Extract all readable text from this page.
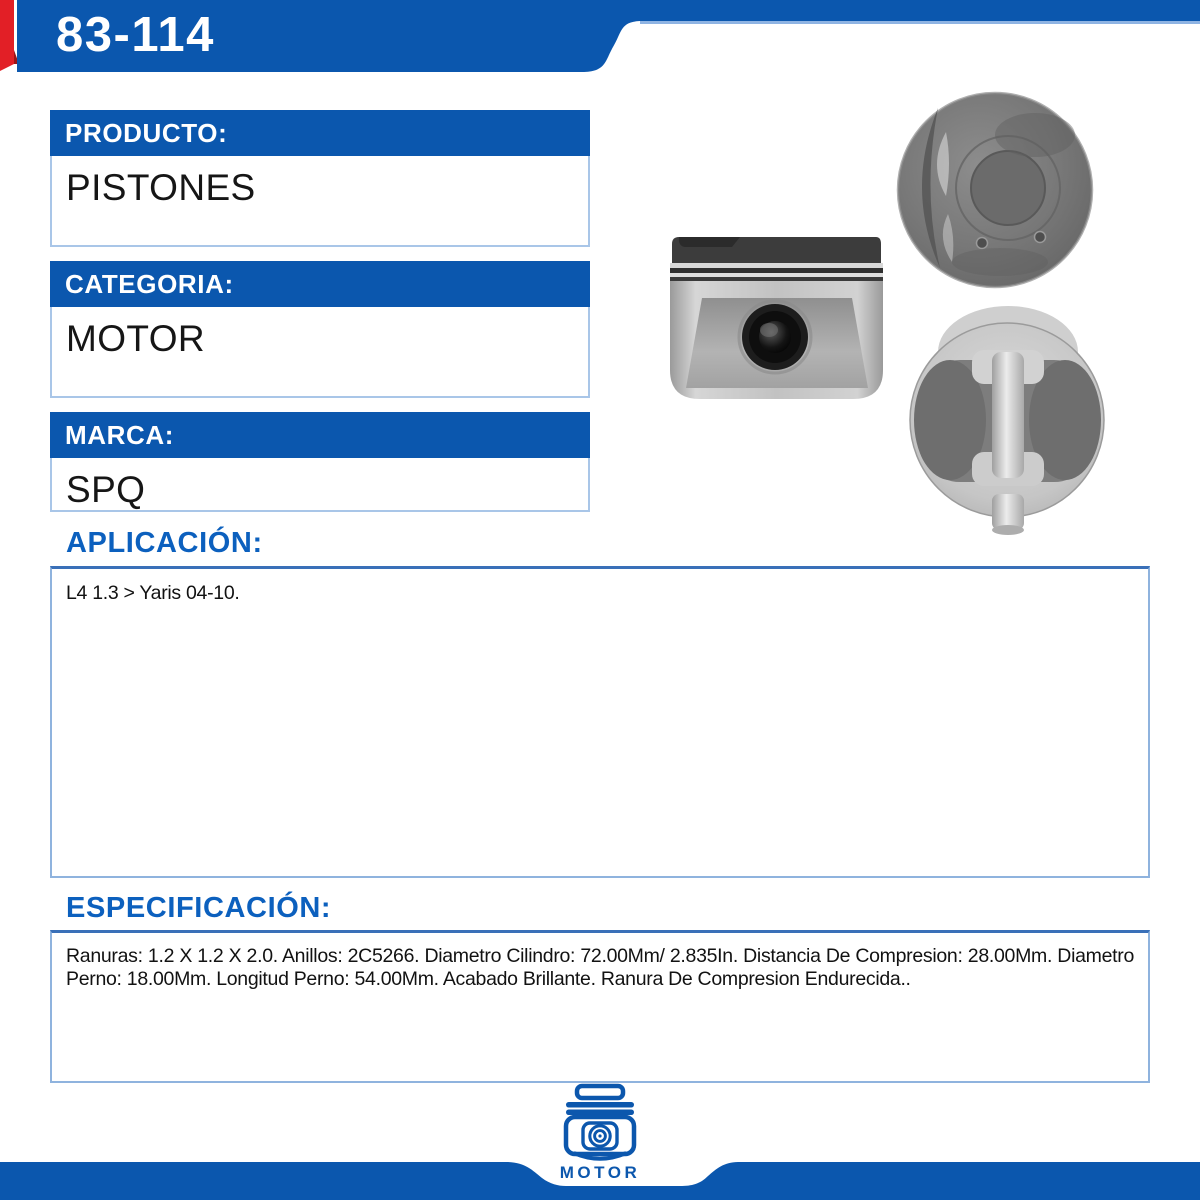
83-114
PRODUCTO:
PISTONES
CATEGORIA:
MOTOR
MARCA:
SPQ
APLICACIÓN:
L4 1.3 > Yaris 04-10.
ESPECIFICACIÓN:
Ranuras: 1.2 X 1.2 X 2.0. Anillos: 2C5266. Diametro Cilindro: 72.00Mm/ 2.835In. Distancia De Compresion: 28.00Mm. Diametro Perno: 18.00Mm. Longitud Perno: 54.00Mm. Acabado Brillante. Ranura De Compresion Endurecida..
MOTOR
